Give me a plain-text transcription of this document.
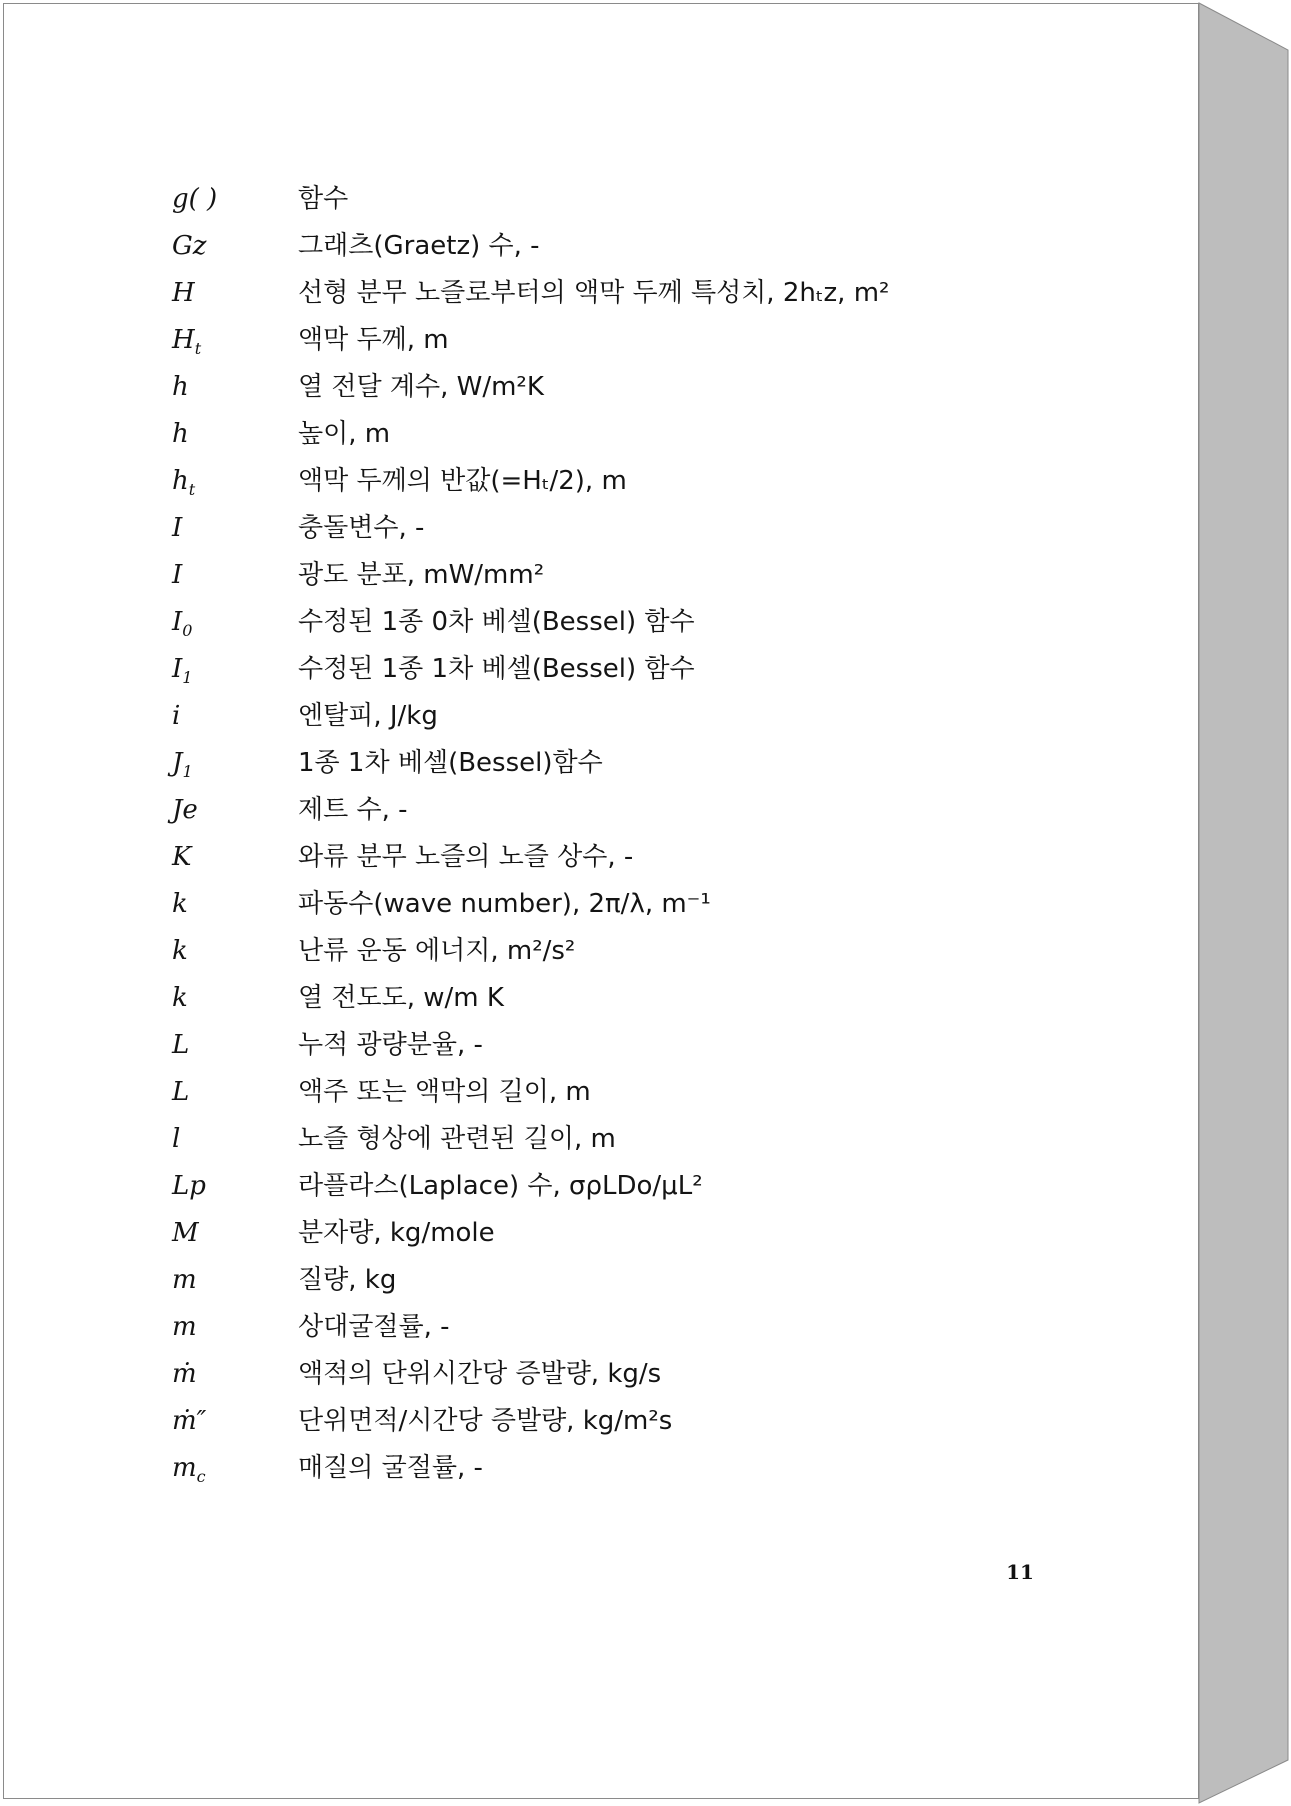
g( )	함수
Gz	그래츠(Graetz) 수, -
H	선형 분무 노즐로부터의 액막 두께 특성치, 2hₜz, m²
$H_t$	액막 두께, m
h	열 전달 계수, W/m²K
h	높이, m
$h_t$	액막 두께의 반값(=Hₜ/2), m
I	충돌변수, -
I	광도 분포, mW/mm²
$I_0$	수정된 1종 0차 베셀(Bessel) 함수
$I_1$	수정된 1종 1차 베셀(Bessel) 함수
i	엔탈피, J/kg
$J_1$	1종 1차 베셀(Bessel)함수
Je	제트 수, -
K	와류 분무 노즐의 노즐 상수, -
k	파동수(wave number), 2π/λ, m⁻¹
k	난류 운동 에너지, m²/s²
k	열 전도도, w/m K
L	누적 광량분율, -
L	액주 또는 액막의 길이, m
l	노즐 형상에 관련된 길이, m
Lp	라플라스(Laplace) 수, σρLDo/μL²
M	분자량, kg/mole
m	질량, kg
m	상대굴절률, -
ṁ	액적의 단위시간당 증발량, kg/s
ṁ″	단위면적/시간당 증발량, kg/m²s
$m_c$	매질의 굴절률, -
11
